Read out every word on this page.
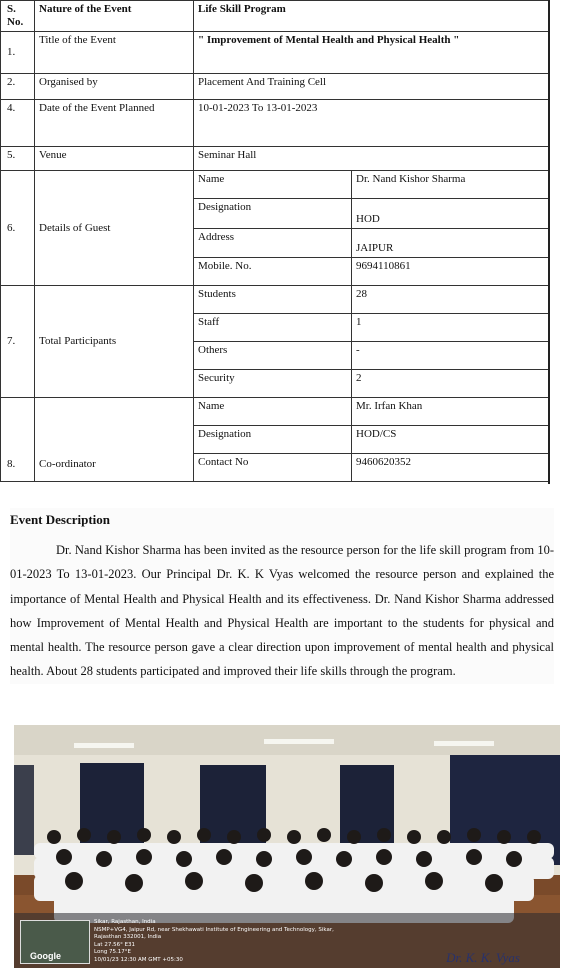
S. No.	Nature of the Event	Life Skill Program	
1.	Title of the Event	" Improvement of Mental Health and Physical Health "	
2.	Organised by	Placement And Training Cell	
4.	Date of the Event Planned	10-01-2023 To 13-01-2023	
5.	Venue	Seminar Hall	
6.	Details of Guest	Name	Dr. Nand Kishor Sharma
		Designation	HOD
		Address	JAIPUR
		Mobile. No.	9694110861
7.	Total Participants	Students	28
		Staff	1
		Others	-
		Security	2
8.	Co-ordinator	Name	Mr. Irfan Khan
		Designation	HOD/CS
		Contact No	9460620352
Event Description

Dr. Nand Kishor Sharma has been invited as the resource person for the life skill program from 10-01-2023 To 13-01-2023. Our Principal Dr. K. K Vyas welcomed the resource person and explained the importance of Mental Health and Physical Health and its effectiveness. Dr. Nand Kishor Sharma addressed how Improvement of Mental Health and Physical Health are important to the students for physical and mental health. The resource person gave a clear direction upon improvement of mental health and physical health. About 28 students participated and improved their life skills through the program.

Google
Sikar, Rajasthan, India
NSMP+VG4, Jaipur Rd, near Shekhawati Institute of Engineering and Technology, Sikar,
Rajasthan 332001, India
Lat 27.56° E31
Long 75.17°E
10/01/23 12:30 AM GMT +05:30	Dr. K. K. Vyas
